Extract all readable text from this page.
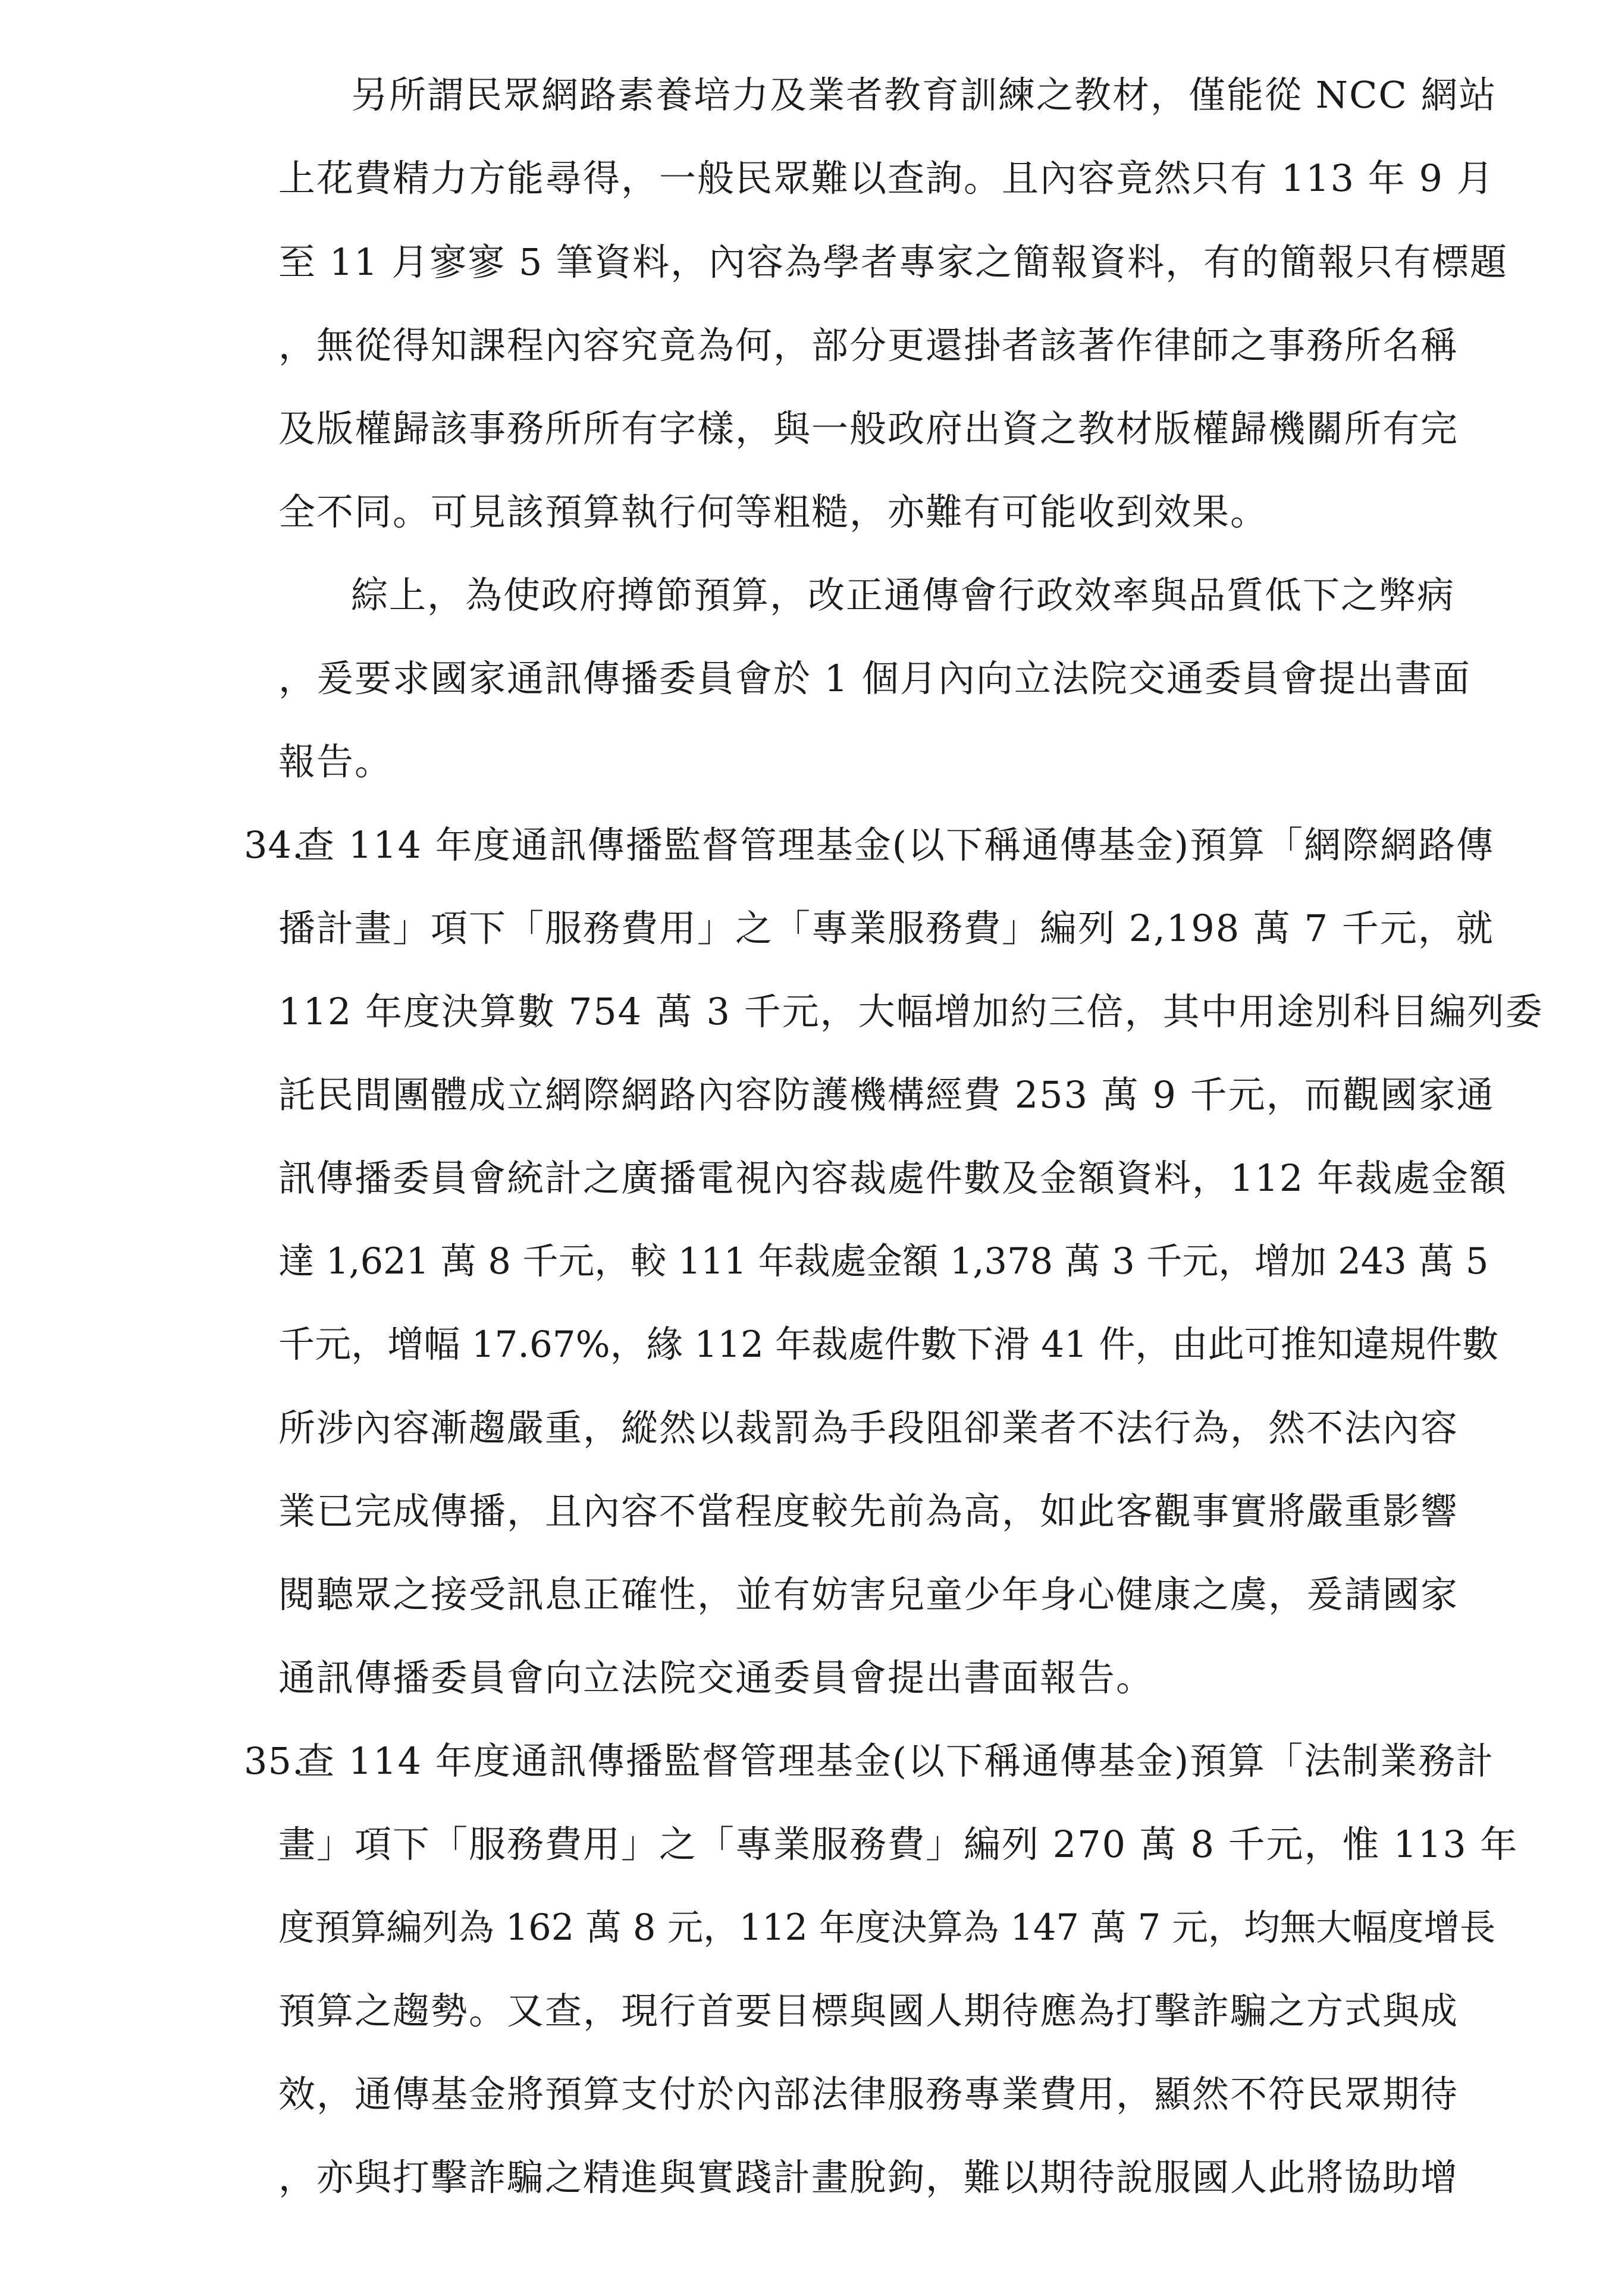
另所謂民眾網路素養培力及業者教育訓練之教材，僅能從 NCC 網站
上花費精力方能尋得，一般民眾難以查詢。且內容竟然只有 113 年 9 月
至 11 月寥寥 5 筆資料，內容為學者專家之簡報資料，有的簡報只有標題
，無從得知課程內容究竟為何，部分更還掛者該著作律師之事務所名稱
及版權歸該事務所所有字樣，與一般政府出資之教材版權歸機關所有完
全不同。可見該預算執行何等粗糙，亦難有可能收到效果。
綜上，為使政府撙節預算，改正通傳會行政效率與品質低下之弊病
，爰要求國家通訊傳播委員會於 1 個月內向立法院交通委員會提出書面
報告。
34.
查 114 年度通訊傳播監督管理基金(以下稱通傳基金)預算「網際網路傳
播計畫」項下「服務費用」之「專業服務費」編列 2,198 萬 7 千元，就
112 年度決算數 754 萬 3 千元，大幅增加約三倍，其中用途別科目編列委
託民間團體成立網際網路內容防護機構經費 253 萬 9 千元，而觀國家通
訊傳播委員會統計之廣播電視內容裁處件數及金額資料，112 年裁處金額
達 1,621 萬 8 千元，較 111 年裁處金額 1,378 萬 3 千元，增加 243 萬 5
千元，增幅 17.67%，緣 112 年裁處件數下滑 41 件，由此可推知違規件數
所涉內容漸趨嚴重，縱然以裁罰為手段阻卻業者不法行為，然不法內容
業已完成傳播，且內容不當程度較先前為高，如此客觀事實將嚴重影響
閱聽眾之接受訊息正確性，並有妨害兒童少年身心健康之虞，爰請國家
通訊傳播委員會向立法院交通委員會提出書面報告。
35.
查 114 年度通訊傳播監督管理基金(以下稱通傳基金)預算「法制業務計
畫」項下「服務費用」之「專業服務費」編列 270 萬 8 千元，惟 113 年
度預算編列為 162 萬 8 元，112 年度決算為 147 萬 7 元，均無大幅度增長
預算之趨勢。又查，現行首要目標與國人期待應為打擊詐騙之方式與成
效，通傳基金將預算支付於內部法律服務專業費用，顯然不符民眾期待
，亦與打擊詐騙之精進與實踐計畫脫鉤，難以期待說服國人此將協助增
